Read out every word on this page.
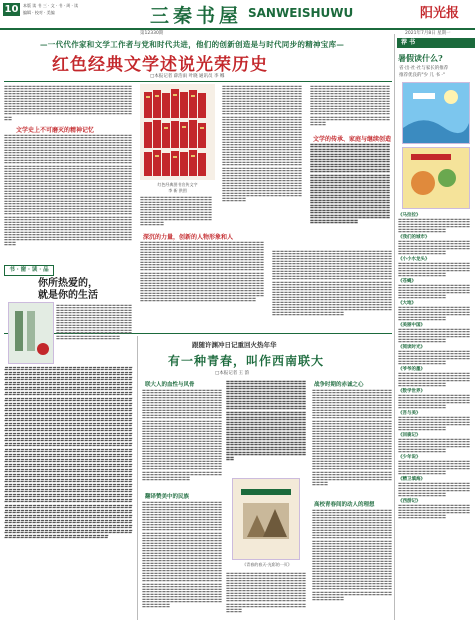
10	本版 读 书 三 · 文 · 书 · 周 · 读
编辑 · 校对 · 美编	三秦书屋 SANWEISHUWU	阳光报
第12330期	2021年7月8日 星期一
—一代代作家和文学工作者与党和时代共进，他们的创新创造是与时代同步的精神宝库—
红色经典文学述说光荣历史
□本报记者 薛浩雨 叶晓 通讯员 李 娜
〓〓〓〓〓〓〓〓〓〓〓〓〓〓〓〓〓〓〓〓〓〓〓〓〓〓〓〓〓〓〓〓〓〓〓〓〓〓〓〓〓〓〓〓〓〓〓〓〓〓〓〓〓〓〓〓〓〓〓〓〓〓〓〓〓〓〓〓〓〓〓〓〓〓〓〓〓〓〓〓〓〓〓〓〓〓〓〓〓〓〓〓〓〓〓〓〓〓〓〓〓〓〓〓〓〓〓〓〓〓〓〓〓〓〓〓〓〓〓〓〓〓〓〓〓〓〓〓〓〓〓〓〓〓〓〓〓〓〓〓〓〓〓〓〓〓〓〓〓〓〓〓〓〓〓〓〓〓〓〓〓〓〓〓〓〓〓〓〓〓〓〓〓〓〓〓〓〓〓〓〓〓〓〓〓〓〓〓〓〓〓〓〓〓
文学史上不可磨灭的精神记忆
〓〓〓〓〓〓〓〓〓〓〓〓〓〓〓〓〓〓〓〓〓〓〓〓〓〓〓〓〓〓〓〓〓〓〓〓〓〓〓〓〓〓〓〓〓〓〓〓〓〓〓〓〓〓〓〓〓〓〓〓〓〓〓〓〓〓〓〓〓〓〓〓〓〓〓〓〓〓〓〓〓〓〓〓〓〓〓〓〓〓〓〓〓〓〓〓〓〓〓〓〓〓〓〓〓〓〓〓〓〓〓〓〓〓〓〓〓〓〓〓〓〓〓〓〓〓〓〓〓〓〓〓〓〓〓〓〓〓〓〓〓〓〓〓〓〓〓〓〓〓〓〓〓〓〓〓〓〓〓〓〓〓〓〓〓〓〓〓〓〓〓〓〓〓〓〓〓〓〓〓〓〓〓〓〓〓〓〓〓〓〓〓〓〓〓〓〓〓〓〓〓〓〓〓〓〓〓〓〓〓〓〓〓〓〓〓〓〓〓〓〓〓〓〓〓〓〓〓〓〓〓〓〓〓〓〓〓〓〓〓〓〓〓〓〓〓〓〓〓〓〓〓〓〓〓〓〓〓〓〓〓〓〓〓〓〓〓〓〓〓〓〓〓〓〓〓〓〓〓〓〓〓〓〓〓〓〓〓〓〓〓〓〓〓〓〓〓〓〓〓〓〓〓〓〓〓〓〓〓〓〓〓〓〓〓〓〓〓〓〓〓〓〓〓〓〓〓〓〓〓〓〓〓〓〓〓〓〓〓〓〓〓〓〓〓〓〓〓〓〓〓〓〓〓〓〓〓〓〓〓〓〓〓〓〓〓〓〓〓〓〓〓〓〓〓〓〓〓〓〓〓〓〓〓〓〓〓〓〓〓〓〓〓〓〓〓〓〓〓〓〓〓〓〓〓〓〓〓〓〓〓〓〓〓〓〓〓〓〓〓〓〓〓〓〓〓〓〓〓〓〓〓〓〓〓〓〓〓〓〓〓〓〓〓〓〓〓〓〓〓〓〓〓〓〓〓〓〓〓〓〓〓〓〓〓〓〓〓〓〓〓〓〓〓〓〓〓〓〓〓〓〓〓〓〓〓〓〓〓〓〓〓〓〓〓〓〓〓〓〓〓〓〓〓〓〓〓〓〓〓〓〓〓〓〓〓〓〓〓〓〓〓〓〓〓〓〓〓〓〓〓〓〓〓〓〓〓〓〓〓〓〓〓〓〓〓〓〓〓〓〓〓〓〓〓〓〓〓〓〓〓〓〓〓〓〓〓〓〓〓〓〓〓〓〓〓〓〓〓〓〓〓〓〓〓〓〓〓〓〓〓〓〓〓〓〓〓〓〓〓〓〓〓〓〓〓〓〓〓〓〓〓〓〓〓〓〓〓〓〓〓〓〓〓〓〓〓〓〓〓〓〓〓〓〓〓〓〓〓〓〓〓〓〓〓〓〓〓〓〓〓〓〓〓〓〓〓〓〓〓〓〓〓〓〓〓〓〓〓〓〓〓〓〓〓
红色经典图书宣传文字
李 新 供图
〓〓〓〓〓〓〓〓〓〓〓〓〓〓〓〓〓〓〓〓〓〓〓〓〓〓〓〓〓〓〓〓〓〓〓〓〓〓〓〓〓〓〓〓〓〓〓〓〓〓〓〓〓〓〓〓〓〓〓〓〓〓〓〓〓〓〓〓〓〓〓〓〓〓〓〓〓〓〓〓〓〓〓〓〓〓〓〓〓〓〓〓〓〓〓〓
深沉的力量，创新的人物形象和人
〓〓〓〓〓〓〓〓〓〓〓〓〓〓〓〓〓〓〓〓〓〓〓〓〓〓〓〓〓〓〓〓〓〓〓〓〓〓〓〓〓〓〓〓〓〓〓〓〓〓〓〓〓〓〓〓〓〓〓〓〓〓〓〓〓〓〓〓〓〓〓〓〓〓〓〓〓〓〓〓〓〓〓〓〓〓〓〓〓〓〓〓〓〓〓〓〓〓〓〓〓〓〓〓〓〓〓〓〓〓〓〓〓〓〓〓〓〓〓〓〓〓〓〓〓〓〓〓〓〓〓〓〓〓〓〓〓〓〓〓〓〓〓〓〓〓〓〓〓〓〓〓〓〓〓〓〓〓〓〓〓〓〓〓〓〓〓〓〓〓〓〓〓〓〓〓〓〓〓〓〓〓〓〓〓〓〓〓〓〓〓〓〓〓〓〓〓〓〓〓〓〓〓〓〓〓〓〓〓〓〓〓〓〓〓〓〓〓〓〓〓〓〓〓〓〓〓〓〓〓〓〓〓〓〓〓〓〓〓〓〓〓〓〓〓〓〓〓〓〓〓〓〓〓〓〓〓〓〓〓〓〓〓〓〓〓〓〓〓〓〓〓〓〓〓〓〓〓〓〓〓〓〓〓〓〓〓〓〓〓〓〓〓〓〓〓〓〓〓〓〓〓〓〓〓〓〓〓〓〓〓〓〓〓〓〓〓〓〓〓〓〓〓〓〓〓〓〓〓〓〓〓〓〓〓〓〓〓〓〓〓〓〓〓〓〓〓〓〓〓〓〓〓〓〓〓〓〓〓〓〓〓〓〓〓〓〓〓〓〓
〓〓〓〓〓〓〓〓〓〓〓〓〓〓〓〓〓〓〓〓〓〓〓〓〓〓〓〓〓〓〓〓〓〓〓〓〓〓〓〓〓〓〓〓〓〓〓〓〓〓〓〓〓〓〓〓〓〓〓〓〓〓〓〓〓〓〓〓〓〓〓〓〓〓〓〓〓〓〓〓〓〓〓〓〓〓〓〓〓〓〓〓〓〓〓〓〓〓〓〓〓〓〓〓〓〓〓〓〓〓〓〓〓〓〓〓〓〓〓〓〓〓〓〓〓〓〓〓〓〓〓〓〓〓〓〓〓〓〓〓〓〓〓〓〓〓〓〓〓〓〓〓〓〓〓〓〓〓〓〓〓〓〓〓〓〓〓〓〓〓〓〓〓〓〓〓〓〓〓〓〓〓〓〓〓〓〓〓〓〓〓〓〓〓〓〓〓〓〓〓〓〓〓〓〓〓〓〓〓〓〓〓〓〓〓〓〓〓〓〓〓〓〓〓〓〓〓〓〓〓〓〓〓〓〓〓〓〓〓〓〓〓〓〓〓〓〓〓〓〓〓〓〓〓〓〓〓〓〓〓〓〓〓〓〓〓〓〓〓〓〓〓〓〓〓〓〓〓〓〓〓〓〓〓〓〓〓〓〓〓〓〓〓〓〓〓〓〓〓〓〓〓〓〓〓〓〓〓〓〓〓〓〓〓〓〓〓〓〓〓〓〓〓〓〓〓〓〓〓〓〓〓〓〓〓〓〓〓〓〓〓〓〓〓〓〓〓〓〓〓〓〓〓〓〓〓〓〓〓〓〓〓〓〓〓〓〓〓〓〓〓〓〓〓〓〓〓〓〓〓〓〓〓〓〓〓〓〓〓〓〓〓〓〓〓〓〓〓〓〓〓〓〓〓〓〓〓〓〓〓〓〓〓〓〓〓〓〓〓〓〓〓〓〓〓〓〓〓〓〓〓〓〓〓〓〓〓〓〓〓〓〓〓〓〓〓
〓〓〓〓〓〓〓〓〓〓〓〓〓〓〓〓〓〓〓〓〓〓〓〓〓〓〓〓〓〓〓〓〓〓〓〓〓〓〓〓〓〓〓〓〓〓〓〓〓〓〓〓〓〓〓〓〓〓〓〓〓〓〓〓〓〓〓〓〓〓〓〓〓〓〓〓〓〓〓〓〓〓〓〓〓〓〓〓〓〓〓〓〓〓〓〓〓〓〓〓〓〓〓〓〓〓〓〓〓〓〓〓〓〓〓〓〓〓〓〓〓〓〓〓〓〓〓〓〓〓〓〓〓〓〓〓〓〓〓〓〓〓〓〓
文学的传承、家庭与继续创造
〓〓〓〓〓〓〓〓〓〓〓〓〓〓〓〓〓〓〓〓〓〓〓〓〓〓〓〓〓〓〓〓〓〓〓〓〓〓〓〓〓〓〓〓〓〓〓〓〓〓〓〓〓〓〓〓〓〓〓〓〓〓〓〓〓〓〓〓〓〓〓〓〓〓〓〓〓〓〓〓〓〓〓〓〓〓〓〓〓〓〓〓〓〓〓〓〓〓〓〓〓〓〓〓〓〓〓〓〓〓〓〓〓〓〓〓〓〓〓〓〓〓〓〓〓〓〓〓〓〓〓〓〓〓〓〓〓〓〓〓〓〓〓〓〓〓〓〓〓〓〓〓〓〓〓〓〓〓〓〓〓〓〓〓〓〓〓〓〓〓〓〓〓〓〓〓〓〓〓〓〓〓〓〓〓〓〓〓〓〓〓〓〓〓〓〓〓〓〓〓〓〓〓〓〓〓〓〓〓〓〓〓〓〓〓〓〓〓〓〓〓〓〓〓〓〓〓〓〓〓〓〓〓〓〓〓〓〓〓〓〓〓〓〓〓〓〓〓〓〓〓〓〓〓〓〓〓〓〓〓〓〓〓〓〓〓〓〓〓〓〓〓〓〓〓〓〓〓〓〓〓〓〓〓〓〓〓〓〓〓〓〓〓〓〓〓〓〓〓〓〓〓〓〓〓〓〓〓〓〓〓〓
〓〓〓〓〓〓〓〓〓〓〓〓〓〓〓〓〓〓〓〓〓〓〓〓〓〓〓〓〓〓〓〓〓〓〓〓〓〓〓〓〓〓〓〓〓〓〓〓〓〓〓〓〓〓〓〓〓〓〓〓〓〓〓〓〓〓〓〓〓〓〓〓〓〓〓〓〓〓〓〓〓〓〓〓〓〓〓〓〓〓〓〓〓〓〓〓〓〓〓〓〓〓〓〓〓〓〓〓〓〓〓〓〓〓〓〓〓〓〓〓〓〓〓〓〓〓〓〓〓〓〓〓〓〓〓〓〓〓〓〓〓〓〓〓〓〓〓〓〓〓〓〓〓〓〓〓〓〓〓〓〓〓〓〓〓〓〓〓〓〓〓〓〓〓〓〓〓〓〓〓〓〓〓〓〓〓〓〓〓〓〓〓〓〓〓〓〓〓〓〓〓〓〓〓〓〓〓〓〓〓〓〓〓〓〓〓〓〓〓〓〓〓〓〓〓〓〓〓〓〓〓〓〓〓〓〓〓〓〓〓〓〓〓〓〓〓〓〓〓〓〓〓〓〓〓〓〓〓〓〓〓〓〓〓〓〓〓〓〓〓〓〓〓〓〓〓〓〓〓〓〓〓〓〓〓〓〓〓〓〓〓〓〓〓〓〓〓〓〓〓〓〓〓〓〓〓〓〓〓〓〓〓〓〓〓〓〓〓〓〓〓〓〓〓〓〓〓〓〓〓〓〓〓〓〓〓〓〓〓〓〓〓〓〓〓〓〓〓〓〓〓〓〓〓〓〓〓〓〓〓〓〓〓〓〓〓〓〓〓〓〓〓〓〓〓〓〓〓
荐 书
暑假读什么?
省·出·社·社与家长的推荐
推荐优良的"少 儿 书 ·"
《马拉拉》
〓〓〓〓〓〓〓〓〓〓〓〓〓〓〓〓〓〓〓〓〓〓〓〓〓〓〓〓〓〓〓〓〓〓〓〓〓〓〓〓〓〓〓〓〓〓〓〓
《我们的城市》
〓〓〓〓〓〓〓〓〓〓〓〓〓〓〓〓〓〓〓〓〓〓〓〓〓〓〓〓〓〓〓〓〓〓〓〓〓〓〓〓〓〓〓〓〓〓〓〓
《小小水龙头》
〓〓〓〓〓〓〓〓〓〓〓〓〓〓〓〓〓〓〓〓〓〓〓〓〓〓〓〓〓〓〓〓〓〓〓〓〓〓〓〓〓〓〓〓〓〓〓〓
《苍蝇》
〓〓〓〓〓〓〓〓〓〓〓〓〓〓〓〓〓〓〓〓〓〓〓〓〓〓〓〓〓〓〓〓〓〓〓〓〓〓〓〓〓〓〓〓〓〓〓〓
《大地》
〓〓〓〓〓〓〓〓〓〓〓〓〓〓〓〓〓〓〓〓〓〓〓〓〓〓〓〓〓〓〓〓〓〓〓〓〓〓〓〓〓〓〓〓〓〓〓〓
《美丽中国》
〓〓〓〓〓〓〓〓〓〓〓〓〓〓〓〓〓〓〓〓〓〓〓〓〓〓〓〓〓〓〓〓〓〓〓〓〓〓〓〓〓〓〓〓〓〓〓〓
《阅读时光》
〓〓〓〓〓〓〓〓〓〓〓〓〓〓〓〓〓〓〓〓〓〓〓〓〓〓〓〓〓〓〓〓〓〓〓〓〓〓〓〓〓〓〓〓〓〓〓〓
《爷爷的墨》
〓〓〓〓〓〓〓〓〓〓〓〓〓〓〓〓〓〓〓〓〓〓〓〓〓〓〓〓〓〓〓〓〓〓〓〓〓〓〓〓〓〓〓〓〓〓〓〓
《数学世界》
〓〓〓〓〓〓〓〓〓〓〓〓〓〓〓〓〓〓〓〓〓〓〓〓〓〓〓〓〓〓〓〓〓〓〓〓〓〓〓〓〓〓〓〓〓〓〓〓
《吾与美》
〓〓〓〓〓〓〓〓〓〓〓〓〓〓〓〓〓〓〓〓〓〓〓〓〓〓〓〓〓〓〓〓〓〓〓〓〓〓〓〓〓〓〓〓〓〓〓〓
《回鹿记》
〓〓〓〓〓〓〓〓〓〓〓〓〓〓〓〓〓〓〓〓〓〓〓〓〓〓〓〓〓〓〓〓〓〓〓〓〓〓〓〓〓〓〓〓〓〓〓〓
《少年说》
〓〓〓〓〓〓〓〓〓〓〓〓〓〓〓〓〓〓〓〓〓〓〓〓〓〓〓〓〓〓〓〓〓〓〓〓〓〓〓〓〓〓〓〓〓〓〓〓
《精卫填海》
〓〓〓〓〓〓〓〓〓〓〓〓〓〓〓〓〓〓〓〓〓〓〓〓〓〓〓〓〓〓〓〓〓〓〓〓〓〓〓〓〓〓〓〓〓〓〓〓
《西游记》
〓〓〓〓〓〓〓〓〓〓〓〓〓〓〓〓〓〓〓〓〓〓〓〓〓〓〓〓〓〓〓〓〓〓〓〓〓〓〓〓〓〓〓〓〓〓〓〓
书 · 窗 · 读 · 品
你所热爱的，
就是你的生活
〓〓〓〓〓〓〓〓〓〓〓〓〓〓〓〓〓〓〓〓〓〓〓〓〓〓〓〓〓〓〓〓〓〓〓〓〓〓〓〓〓〓〓〓〓〓〓〓〓〓〓〓〓〓〓〓〓〓〓〓〓〓〓〓〓〓〓〓〓〓〓〓〓〓〓〓〓〓〓〓〓〓〓〓〓〓〓〓〓〓〓〓〓〓〓〓〓〓〓〓〓〓〓〓〓〓〓〓〓〓〓〓〓〓〓〓〓〓〓〓〓〓〓〓〓〓〓〓〓〓
〓〓〓〓〓〓〓〓〓〓〓〓〓〓〓〓〓〓〓〓〓〓〓〓〓〓〓〓〓〓〓〓〓〓〓〓〓〓〓〓〓〓〓〓〓〓〓〓〓〓〓〓〓〓〓〓〓〓〓〓〓〓〓〓〓〓〓〓〓〓〓〓〓〓〓〓〓〓〓〓〓〓〓〓〓〓〓〓〓〓〓〓〓〓〓〓〓〓〓〓〓〓〓〓〓〓〓〓〓〓〓〓〓〓〓〓〓〓〓〓〓〓〓〓〓〓〓〓〓〓〓〓〓〓〓〓〓〓〓〓〓〓〓〓〓〓〓〓〓〓〓〓〓〓〓〓〓〓〓〓〓〓〓〓〓〓〓〓〓〓〓〓〓〓〓〓〓〓〓〓〓〓〓〓〓〓〓〓〓〓〓〓〓〓〓〓〓〓〓〓〓〓〓〓〓〓〓〓〓〓〓〓〓〓〓〓〓〓〓〓〓〓〓〓〓〓〓〓〓〓〓〓〓〓〓〓〓〓〓〓〓〓〓〓〓〓〓〓〓〓〓〓〓〓〓〓〓〓〓〓〓〓〓〓〓〓〓〓〓〓〓〓〓〓〓〓〓〓〓〓〓〓〓〓〓〓〓〓〓〓〓〓〓〓〓〓〓〓〓〓〓〓〓〓〓〓〓〓〓〓〓〓〓〓〓〓〓〓〓〓〓〓〓〓〓〓〓〓〓〓〓〓〓〓〓〓〓〓〓〓〓〓〓〓〓〓〓〓〓〓〓〓〓〓〓〓〓〓〓〓〓〓〓〓〓〓〓〓〓〓〓〓〓〓〓〓〓〓〓〓〓〓〓〓〓〓〓〓〓〓〓〓〓〓〓〓〓〓〓〓〓〓〓〓〓〓〓〓〓〓〓〓〓〓〓〓〓〓〓〓〓〓〓〓〓〓〓〓〓〓〓〓〓〓〓〓〓〓〓〓〓〓〓〓〓〓〓〓〓〓〓〓〓〓〓〓〓〓〓〓〓〓〓〓〓〓〓〓〓〓〓〓〓〓〓〓〓〓〓〓〓〓〓〓〓〓〓〓〓〓〓〓〓〓〓〓〓〓〓〓〓〓〓〓〓〓〓〓〓〓〓〓〓〓〓〓〓〓〓〓〓〓〓〓〓〓〓〓〓〓〓〓〓〓〓〓〓〓〓〓〓〓〓〓〓〓〓〓〓〓〓〓〓〓〓〓〓〓〓〓〓〓〓〓〓〓〓〓〓〓〓〓〓〓〓〓〓〓〓〓〓〓〓〓〓〓〓〓〓〓〓〓〓〓〓〓〓〓〓〓〓〓〓〓〓〓〓〓〓〓〓〓〓〓〓〓〓〓〓〓〓〓〓〓〓〓〓〓〓〓〓〓〓〓〓〓〓〓〓〓〓〓〓〓〓〓〓〓〓〓〓〓〓〓〓〓〓〓〓〓〓〓〓〓〓〓〓〓〓〓〓〓〓〓〓〓〓〓〓〓〓〓〓〓〓〓〓〓〓〓〓〓〓〓〓〓〓〓〓〓〓〓〓〓〓〓〓〓〓〓〓〓〓〓〓〓〓〓〓〓〓〓〓〓〓〓〓〓〓〓〓〓〓〓〓〓〓〓〓〓〓〓〓〓〓〓〓〓〓〓〓〓〓〓〓〓〓〓〓〓〓〓〓〓〓〓〓〓〓〓〓〓〓〓〓〓〓〓〓〓〓〓〓〓〓〓〓〓〓〓〓〓〓〓〓〓〓〓〓〓〓〓〓〓〓〓〓〓〓〓〓〓〓〓〓〓〓〓〓〓〓〓〓〓〓〓〓〓〓〓〓〓〓〓〓〓〓〓〓〓〓〓〓〓〓〓〓〓〓〓〓〓〓〓〓〓〓〓〓〓〓〓〓〓〓〓〓〓〓〓〓〓〓〓〓〓〓〓〓〓〓〓〓〓〓〓〓〓〓〓〓〓〓〓〓〓〓〓〓〓〓〓〓〓〓〓〓〓〓〓〓〓〓〓〓〓〓〓〓〓〓〓〓〓〓〓〓〓〓〓〓〓〓〓〓〓〓〓〓〓〓〓〓〓〓〓〓〓〓〓〓〓〓〓〓〓〓〓〓〓〓〓〓〓〓〓〓〓〓〓〓〓〓〓〓〓〓〓〓〓〓〓〓〓〓〓〓〓〓〓〓〓〓〓〓〓〓〓〓〓〓〓〓〓〓〓〓〓〓〓〓〓〓〓〓〓〓〓〓〓〓〓〓〓〓〓〓〓〓〓〓〓〓〓〓〓〓〓〓〓〓〓〓〓〓〓〓〓〓〓〓〓〓〓〓〓〓〓〓〓〓〓〓〓〓〓〓〓〓〓〓〓〓〓〓〓〓〓〓〓〓〓
跟随许渊冲日记重回火热年华
有一种青春，叫作西南联大
□本报记者 王 韵
联大人的血性与风骨
〓〓〓〓〓〓〓〓〓〓〓〓〓〓〓〓〓〓〓〓〓〓〓〓〓〓〓〓〓〓〓〓〓〓〓〓〓〓〓〓〓〓〓〓〓〓〓〓〓〓〓〓〓〓〓〓〓〓〓〓〓〓〓〓〓〓〓〓〓〓〓〓〓〓〓〓〓〓〓〓〓〓〓〓〓〓〓〓〓〓〓〓〓〓〓〓〓〓〓〓〓〓〓〓〓〓〓〓〓〓〓〓〓〓〓〓〓〓〓〓〓〓〓〓〓〓〓〓〓〓〓〓〓〓〓〓〓〓〓〓〓〓〓〓〓〓〓〓〓〓〓〓〓〓〓〓〓〓〓〓〓〓〓〓〓〓〓〓〓〓〓〓〓〓〓〓〓〓〓〓〓〓〓〓〓〓〓〓〓〓〓〓〓〓〓〓〓〓〓〓〓〓〓〓〓〓〓〓〓〓〓〓〓〓〓〓〓〓〓〓〓〓〓〓〓〓〓〓〓〓〓〓〓〓〓〓〓〓〓〓〓〓〓〓〓〓〓〓〓〓〓〓〓〓〓〓〓〓〓〓〓〓〓〓〓〓〓〓〓〓〓〓〓〓〓〓〓〓〓〓〓〓〓〓〓〓〓〓〓〓〓〓〓〓〓〓〓〓〓〓〓〓〓〓〓〓〓〓〓〓〓〓〓〓〓〓〓〓〓〓〓〓〓〓〓〓〓〓〓〓〓〓〓〓〓〓〓〓〓〓〓〓〓〓〓〓〓〓〓〓〓〓
翻译赞美中的民族
〓〓〓〓〓〓〓〓〓〓〓〓〓〓〓〓〓〓〓〓〓〓〓〓〓〓〓〓〓〓〓〓〓〓〓〓〓〓〓〓〓〓〓〓〓〓〓〓〓〓〓〓〓〓〓〓〓〓〓〓〓〓〓〓〓〓〓〓〓〓〓〓〓〓〓〓〓〓〓〓〓〓〓〓〓〓〓〓〓〓〓〓〓〓〓〓〓〓〓〓〓〓〓〓〓〓〓〓〓〓〓〓〓〓〓〓〓〓〓〓〓〓〓〓〓〓〓〓〓〓〓〓〓〓〓〓〓〓〓〓〓〓〓〓〓〓〓〓〓〓〓〓〓〓〓〓〓〓〓〓〓〓〓〓〓〓〓〓〓〓〓〓〓〓〓〓〓〓〓〓〓〓〓〓〓〓〓〓〓〓〓〓〓〓〓〓〓〓〓〓〓〓〓〓〓〓〓〓〓〓〓〓〓〓〓〓〓〓〓〓〓〓〓〓〓〓〓〓〓〓〓〓〓〓〓〓〓〓〓〓〓〓〓〓〓〓〓〓〓〓〓〓〓〓〓〓〓〓〓〓〓〓〓〓〓〓〓〓〓〓〓〓〓〓〓〓〓〓〓〓〓〓〓〓〓〓〓〓〓〓〓〓〓〓〓〓〓〓〓〓〓〓〓〓〓〓〓〓〓〓〓〓〓〓〓〓〓〓〓〓〓〓〓〓〓〓〓〓〓〓〓〓〓〓〓〓〓〓〓〓〓〓〓〓〓〓〓〓〓〓〓〓〓〓〓〓〓〓〓〓〓〓〓〓〓〓〓〓〓〓〓〓〓〓〓〓〓〓〓〓〓〓〓〓〓〓〓〓〓〓〓〓〓〓〓〓〓〓〓〓〓〓〓〓〓〓〓
〓〓〓〓〓〓〓〓〓〓〓〓〓〓〓〓〓〓〓〓〓〓〓〓〓〓〓〓〓〓〓〓〓〓〓〓〓〓〓〓〓〓〓〓〓〓〓〓〓〓〓〓〓〓〓〓〓〓〓〓〓〓〓〓〓〓〓〓〓〓〓〓〓〓〓〓〓〓〓〓〓〓〓〓〓〓〓〓〓〓〓〓〓〓〓〓〓〓〓〓〓〓〓〓〓〓〓〓〓〓〓〓〓〓〓〓〓〓〓〓〓〓〓〓〓〓〓〓〓〓〓〓〓〓〓〓〓〓〓〓〓〓〓〓〓〓〓〓〓〓〓〓〓〓〓〓〓〓〓〓〓〓〓〓〓〓〓〓〓〓〓〓〓〓〓〓〓〓〓〓〓〓〓〓〓〓〓〓〓〓〓〓〓〓〓〓〓〓〓〓〓〓〓〓〓〓〓〓〓〓〓〓〓〓〓〓〓〓〓〓〓〓〓〓〓〓〓〓〓〓〓〓〓〓〓〓〓〓〓〓〓〓〓〓〓〓〓〓〓〓〓〓〓〓〓〓〓〓〓〓〓〓〓〓〓〓〓〓〓〓〓〓〓〓〓〓〓〓〓〓〓〓〓〓〓〓〓〓〓〓〓〓〓〓〓〓〓〓〓〓〓〓
《青春的春天-光彩的一页》
〓〓〓〓〓〓〓〓〓〓〓〓〓〓〓〓〓〓〓〓〓〓〓〓〓〓〓〓〓〓〓〓〓〓〓〓〓〓〓〓〓〓〓〓〓〓〓〓〓〓〓〓〓〓〓〓〓〓〓〓〓〓〓〓〓〓〓〓〓〓〓〓〓〓〓〓〓〓〓〓〓〓〓〓〓〓〓〓〓〓〓〓〓〓〓〓〓〓〓〓〓〓〓〓〓〓〓〓〓〓〓〓〓〓〓〓〓〓〓〓〓〓〓〓〓〓〓〓〓〓〓〓〓〓〓〓〓〓〓〓〓〓〓〓
战争时期的赤诚之心
〓〓〓〓〓〓〓〓〓〓〓〓〓〓〓〓〓〓〓〓〓〓〓〓〓〓〓〓〓〓〓〓〓〓〓〓〓〓〓〓〓〓〓〓〓〓〓〓〓〓〓〓〓〓〓〓〓〓〓〓〓〓〓〓〓〓〓〓〓〓〓〓〓〓〓〓〓〓〓〓〓〓〓〓〓〓〓〓〓〓〓〓〓〓〓〓〓〓〓〓〓〓〓〓〓〓〓〓〓〓〓〓〓〓〓〓〓〓〓〓〓〓〓〓〓〓〓〓〓〓〓〓〓〓〓〓〓〓〓〓〓〓〓〓〓〓〓〓〓〓〓〓〓〓〓〓〓〓〓〓〓〓〓〓〓〓〓〓〓〓〓〓〓〓〓〓〓〓〓〓〓〓〓〓〓〓〓〓〓〓〓〓〓〓〓〓〓〓〓〓〓〓〓〓〓〓〓〓〓〓〓〓〓〓〓〓〓〓〓〓〓〓〓〓〓〓〓〓〓〓〓〓〓〓〓〓〓〓〓〓〓〓〓〓〓〓〓〓〓〓〓〓〓〓〓〓〓〓〓〓〓〓〓〓〓〓〓〓〓〓〓〓〓〓〓〓〓〓〓〓〓〓〓〓〓〓〓〓〓〓〓〓〓〓〓〓〓〓〓〓〓〓〓〓〓〓〓〓〓〓〓〓〓〓〓〓〓〓〓〓〓〓〓〓〓〓〓〓〓〓〓〓〓〓〓〓〓〓〓〓〓〓〓〓〓〓〓〓〓〓〓〓〓〓〓〓〓〓〓〓〓〓〓〓
高校青春间的动人的理想
〓〓〓〓〓〓〓〓〓〓〓〓〓〓〓〓〓〓〓〓〓〓〓〓〓〓〓〓〓〓〓〓〓〓〓〓〓〓〓〓〓〓〓〓〓〓〓〓〓〓〓〓〓〓〓〓〓〓〓〓〓〓〓〓〓〓〓〓〓〓〓〓〓〓〓〓〓〓〓〓〓〓〓〓〓〓〓〓〓〓〓〓〓〓〓〓〓〓〓〓〓〓〓〓〓〓〓〓〓〓〓〓〓〓〓〓〓〓〓〓〓〓〓〓〓〓〓〓〓〓〓〓〓〓〓〓〓〓〓〓〓〓〓〓〓〓〓〓〓〓〓〓〓〓〓〓〓〓〓〓〓〓〓〓〓〓〓〓〓〓〓〓〓〓〓〓〓〓〓〓〓〓〓〓〓〓〓〓〓〓〓〓〓〓〓〓〓〓〓〓〓〓〓〓〓〓〓〓〓〓〓〓〓〓〓〓〓〓〓〓〓〓〓〓〓〓〓〓〓〓〓〓〓〓〓〓〓〓〓〓〓〓〓〓〓〓〓〓〓〓〓〓〓〓〓〓〓〓〓〓〓〓〓〓〓〓〓〓〓〓〓〓〓〓〓〓〓〓〓〓〓〓〓〓〓〓〓〓〓〓〓〓〓〓〓〓〓〓〓〓〓〓〓〓〓〓〓〓〓〓〓〓〓〓〓〓〓〓〓〓〓〓〓〓〓〓〓〓〓〓〓〓〓〓〓〓〓〓〓〓〓〓〓〓〓〓〓〓
